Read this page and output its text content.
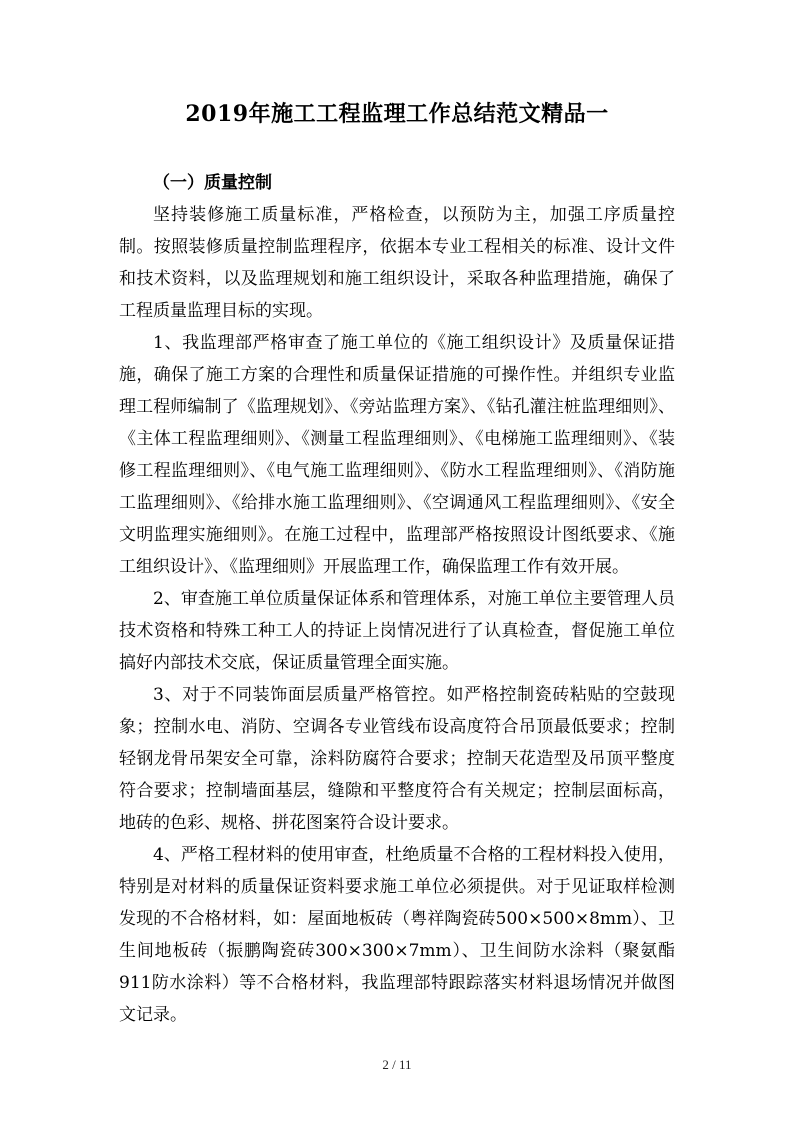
2019年施工工程监理工作总结范文精品一

（一）质量控制

坚持装修施工质量标准，严格检查，以预防为主，加强工序质量控制。按照装修质量控制监理程序，依据本专业工程相关的标准、设计文件和技术资料，以及监理规划和施工组织设计，采取各种监理措施，确保了工程质量监理目标的实现。

1、我监理部严格审查了施工单位的《施工组织设计》及质量保证措施，确保了施工方案的合理性和质量保证措施的可操作性。并组织专业监理工程师编制了《监理规划》、《旁站监理方案》、《钻孔灌注桩监理细则》、《主体工程监理细则》、《测量工程监理细则》、《电梯施工监理细则》、《装修工程监理细则》、《电气施工监理细则》、《防水工程监理细则》、《消防施工监理细则》、《给排水施工监理细则》、《空调通风工程监理细则》、《安全文明监理实施细则》。在施工过程中，监理部严格按照设计图纸要求、《施工组织设计》、《监理细则》开展监理工作，确保监理工作有效开展。

2、审查施工单位质量保证体系和管理体系，对施工单位主要管理人员技术资格和特殊工种工人的持证上岗情况进行了认真检查，督促施工单位搞好内部技术交底，保证质量管理全面实施。

3、对于不同装饰面层质量严格管控。如严格控制瓷砖粘贴的空鼓现象；控制水电、消防、空调各专业管线布设高度符合吊顶最低要求；控制轻钢龙骨吊架安全可靠，涂料防腐符合要求；控制天花造型及吊顶平整度符合要求；控制墙面基层，缝隙和平整度符合有关规定；控制层面标高，地砖的色彩、规格、拼花图案符合设计要求。

4、严格工程材料的使用审查，杜绝质量不合格的工程材料投入使用，特别是对材料的质量保证资料要求施工单位必须提供。对于见证取样检测发现的不合格材料，如：屋面地板砖（粤祥陶瓷砖500×500×8mm）、卫生间地板砖（振鹏陶瓷砖300×300×7mm）、卫生间防水涂料（聚氨酯911防水涂料）等不合格材料，我监理部特跟踪落实材料退场情况并做图文记录。

2 / 11
